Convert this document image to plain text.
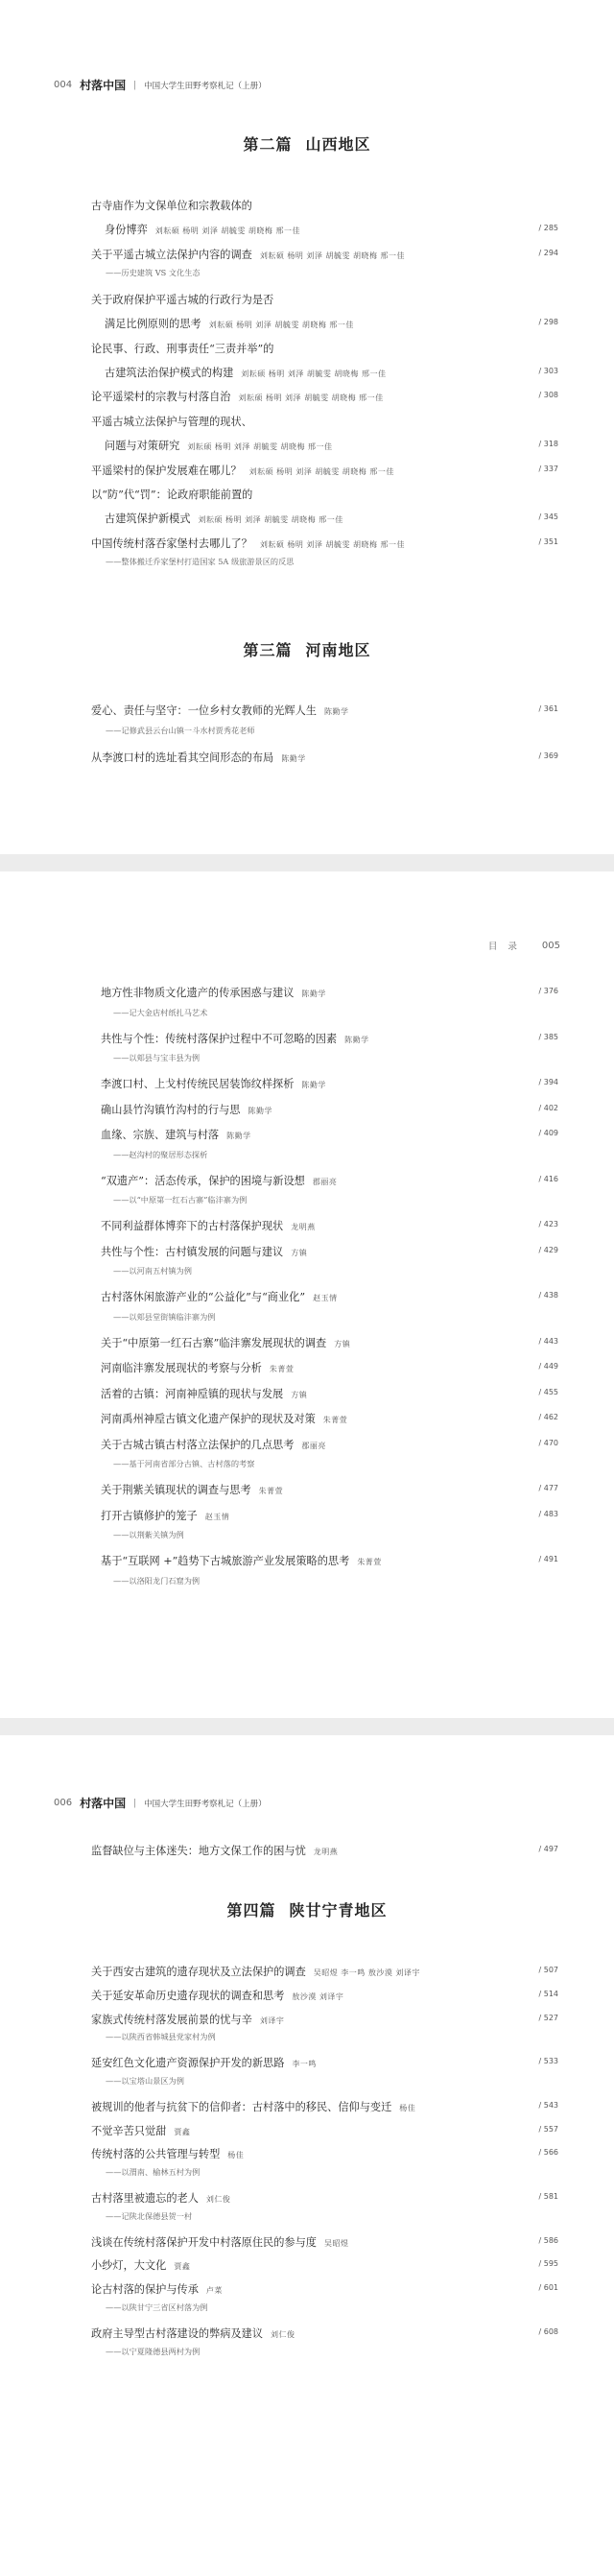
004 村落中国 | 中国大学生田野考察札记（上册）
第二篇 山西地区
古寺庙作为文保单位和宗教载体的
身份博弈 刘耘硕 杨明 刘泽 胡毓雯 胡晓梅 邢一佳	/ 285
关于平遥古城立法保护内容的调查 刘耘硕 杨明 刘泽 胡毓雯 胡晓梅 邢一佳	/ 294
——历史建筑 VS 文化生态
关于政府保护平遥古城的行政行为是否
满足比例原则的思考 刘耘硕 杨明 刘泽 胡毓雯 胡晓梅 邢一佳	/ 298
论民事、行政、刑事责任“三责并举”的
古建筑法治保护模式的构建 刘耘硕 杨明 刘泽 胡毓雯 胡晓梅 邢一佳	/ 303
论平遥梁村的宗教与村落自治 刘耘硕 杨明 刘泽 胡毓雯 胡晓梅 邢一佳	/ 308
平遥古城立法保护与管理的现状、
问题与对策研究 刘耘硕 杨明 刘泽 胡毓雯 胡晓梅 邢一佳	/ 318
平遥梁村的保护发展难在哪儿？ 刘耘硕 杨明 刘泽 胡毓雯 胡晓梅 邢一佳	/ 337
以“防”代“罚”：论政府职能前置的
古建筑保护新模式 刘耘硕 杨明 刘泽 胡毓雯 胡晓梅 邢一佳	/ 345
中国传统村落吞家堡村去哪儿了？ 刘耘硕 杨明 刘泽 胡毓雯 胡晓梅 邢一佳	/ 351
——整体搬迁乔家堡村打造国家 5A 级旅游景区的反思
第三篇 河南地区
爱心、责任与坚守：一位乡村女教师的光辉人生 陈勤学	/ 361
——记修武县云台山镇一斗水村贾秀花老师
从李渡口村的选址看其空间形态的布局 陈勤学	/ 369
目 录 005
地方性非物质文化遗产的传承困惑与建议 陈勤学	/ 376
——记大金店村纸扎马艺术
共性与个性：传统村落保护过程中不可忽略的因素 陈勤学	/ 385
——以郏县与宝丰县为例
李渡口村、上戈村传统民居装饰纹样探析 陈勤学	/ 394
确山县竹沟镇竹沟村的行与思 陈勤学	/ 402
血缘、宗族、建筑与村落 陈勤学	/ 409
——赵沟村的聚居形态探析
“双遗产”：活态传承，保护的困境与新设想 郡丽亮	/ 416
——以“中原第一红石古寨”临沣寨为例
不同利益群体博弈下的古村落保护现状 龙明燕	/ 423
共性与个性：古村镇发展的问题与建议 方镇	/ 429
——以河南五村镇为例
古村落休闲旅游产业的“公益化”与“商业化” 赵玉情	/ 438
——以郏县堂街镇临沣寨为例
关于“中原第一红石古寨”临沣寨发展现状的调查 方镇	/ 443
河南临沣寨发展现状的考察与分析 朱菁萱	/ 449
活着的古镇：河南神垕镇的现状与发展 方镇	/ 455
河南禹州神垕古镇文化遗产保护的现状及对策 朱菁萱	/ 462
关于古城古镇古村落立法保护的几点思考 郡丽亮	/ 470
——基于河南省部分古镇、古村落的考察
关于荆紫关镇现状的调查与思考 朱菁萱	/ 477
打开古镇修护的笼子 赵玉情	/ 483
——以荆紫关镇为例
基于“互联网 +”趋势下古城旅游产业发展策略的思考 朱菁萱	/ 491
——以洛阳龙门石窟为例
006 村落中国 | 中国大学生田野考察札记（上册）
监督缺位与主体迷失：地方文保工作的困与忧 龙明燕	/ 497
第四篇 陕甘宁青地区
关于西安古建筑的遗存现状及立法保护的调查 吴昭煜 李一鸣 敖沙漠 刘译宇	/ 507
关于延安革命历史遗存现状的调查和思考 敖沙漠 刘译宇	/ 514
家族式传统村落发展前景的忧与辛 刘译宇	/ 527
——以陕西省韩城县党家村为例
延安红色文化遗产资源保护开发的新思路 李一鸣	/ 533
——以宝塔山景区为例
被规训的他者与抗贫下的信仰者：古村落中的移民、信仰与变迁 杨佳	/ 543
不觉辛苦只觉甜 贾鑫	/ 557
传统村落的公共管理与转型 杨佳	/ 566
——以渭南、榆林五村为例
古村落里被遗忘的老人 刘仁俊	/ 581
——记陕北保德县贺一村
浅谈在传统村落保护开发中村落原住民的参与度 吴昭煜	/ 586
小纱灯，大文化 贾鑫	/ 595
论古村落的保护与传承 卢菜	/ 601
——以陕甘宁三省区村落为例
政府主导型古村落建设的弊病及建议 刘仁俊	/ 608
——以宁夏隆德县两村为例
